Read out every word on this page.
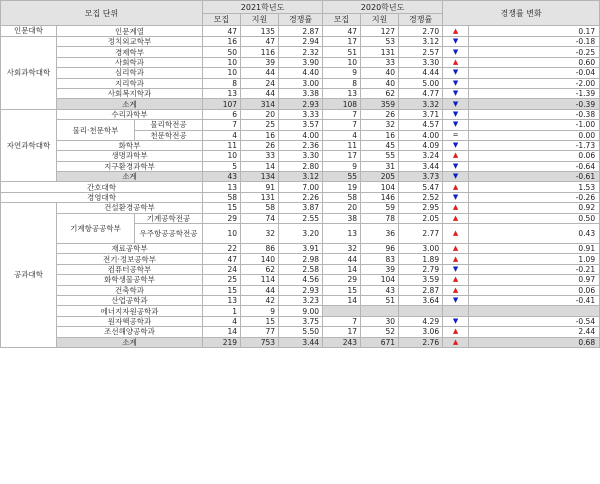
모집 단위			2021학년도			2020학년도			경쟁률 변화	
			모집	지원	경쟁률	모집	지원	경쟁률		
인문대학	인문계열		47	135	2.87	47	127	2.70	▲	0.17
사회과학대학	정치외교학부		16	47	2.94	17	53	3.12	▼	-0.18
	경제학부		50	116	2.32	51	131	2.57	▼	-0.25
	사회학과		10	39	3.90	10	33	3.30	▲	0.60
	심리학과		10	44	4.40	9	40	4.44	▼	-0.04
	지리학과		8	24	3.00	8	40	5.00	▼	-2.00
	사회복지학과		13	44	3.38	13	62	4.77	▼	-1.39
	소계		107	314	2.93	108	359	3.32	▼	-0.39
자연과학대학	수리과학부		6	20	3.33	7	26	3.71	▼	-0.38
	물리·천문학부	물리학전공	7	25	3.57	7	32	4.57	▼	-1.00
		천문학전공	4	16	4.00	4	16	4.00	=	0.00
	화학부		11	26	2.36	11	45	4.09	▼	-1.73
	생명과학부		10	33	3.30	17	55	3.24	▲	0.06
	지구환경과학부		5	14	2.80	9	31	3.44	▼	-0.64
	소계		43	134	3.12	55	205	3.73	▼	-0.61
간호대학			13	91	7.00	19	104	5.47	▲	1.53
경영대학			58	131	2.26	58	146	2.52	▼	-0.26
공과대학	건설환경공학부		15	58	3.87	20	59	2.95	▲	0.92
	기계항공공학부	기계공학전공	29	74	2.55	38	78	2.05	▲	0.50
		우주항공공학전공	10	32	3.20	13	36	2.77	▲	0.43
	재료공학부		22	86	3.91	32	96	3.00	▲	0.91
	전기·정보공학부		47	140	2.98	44	83	1.89	▲	1.09
	컴퓨터공학부		24	62	2.58	14	39	2.79	▼	-0.21
	화학생물공학부		25	114	4.56	29	104	3.59	▲	0.97
	건축학과		15	44	2.93	15	43	2.87	▲	0.06
	산업공학과		13	42	3.23	14	51	3.64	▼	-0.41
	에너지자원공학과		1	9	9.00					
	원자핵공학과		4	15	3.75	7	30	4.29	▼	-0.54
	조선해양공학과		14	77	5.50	17	52	3.06	▲	2.44
	소계		219	753	3.44	243	671	2.76	▲	0.68
